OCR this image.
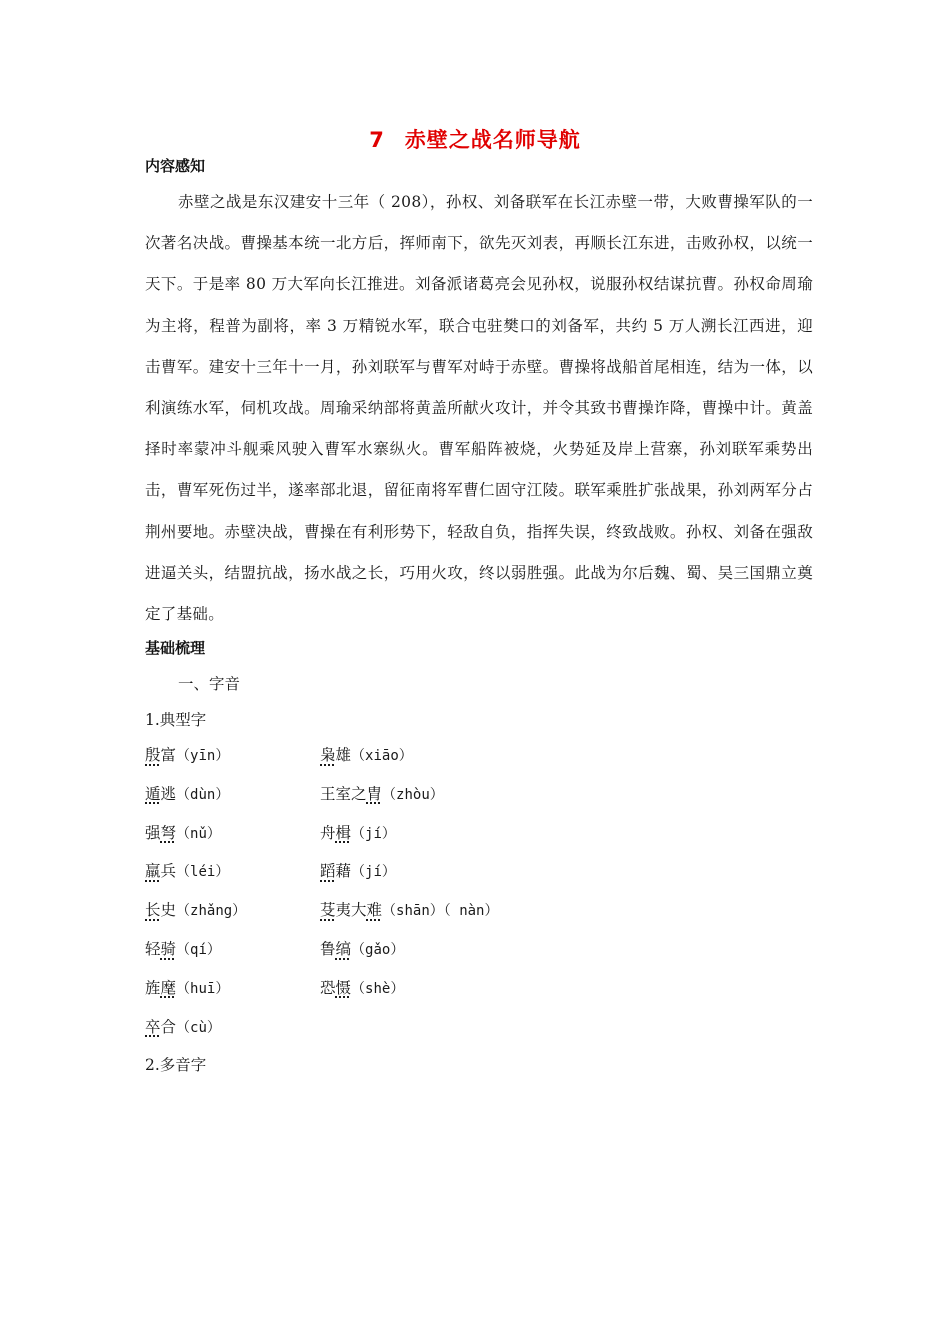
7 赤壁之战名师导航
内容感知
赤壁之战是东汉建安十三年（ 208），孙权、刘备联军在长江赤壁一带，大败曹操军队的一次著名决战。曹操基本统一北方后，挥师南下，欲先灭刘表，再顺长江东进，击败孙权，以统一天下。于是率 80 万大军向长江推进。刘备派诸葛亮会见孙权，说服孙权结谋抗曹。孙权命周瑜为主将，程普为副将，率 3 万精锐水军，联合屯驻樊口的刘备军，共约 5 万人溯长江西进，迎击曹军。建安十三年十一月，孙刘联军与曹军对峙于赤壁。曹操将战船首尾相连，结为一体，以利演练水军，伺机攻战。周瑜采纳部将黄盖所献火攻计，并令其致书曹操诈降，曹操中计。黄盖择时率蒙冲斗舰乘风驶入曹军水寨纵火。曹军船阵被烧，火势延及岸上营寨，孙刘联军乘势出击，曹军死伤过半，遂率部北退，留征南将军曹仁固守江陵。联军乘胜扩张战果，孙刘两军分占荆州要地。赤壁决战，曹操在有利形势下，轻敌自负，指挥失误，终致战败。孙权、刘备在强敌进逼关头，结盟抗战，扬水战之长，巧用火攻，终以弱胜强。此战为尔后魏、蜀、吴三国鼎立奠定了基础。
基础梳理
一、字音
1.典型字
殷富（yīn）
遁逃（dùn）
强弩（nǔ）
羸兵（léi）
长史（zhǎng）
轻骑（qí）
旌麾（huī）
卒合（cù）
枭雄（xiāo）
王室之胄（zhòu）
舟楫（jí）
蹈藉（jí）
芟夷大难（shān）（ nàn）
鲁缟（gǎo）
恐慑（shè）
2.多音字
